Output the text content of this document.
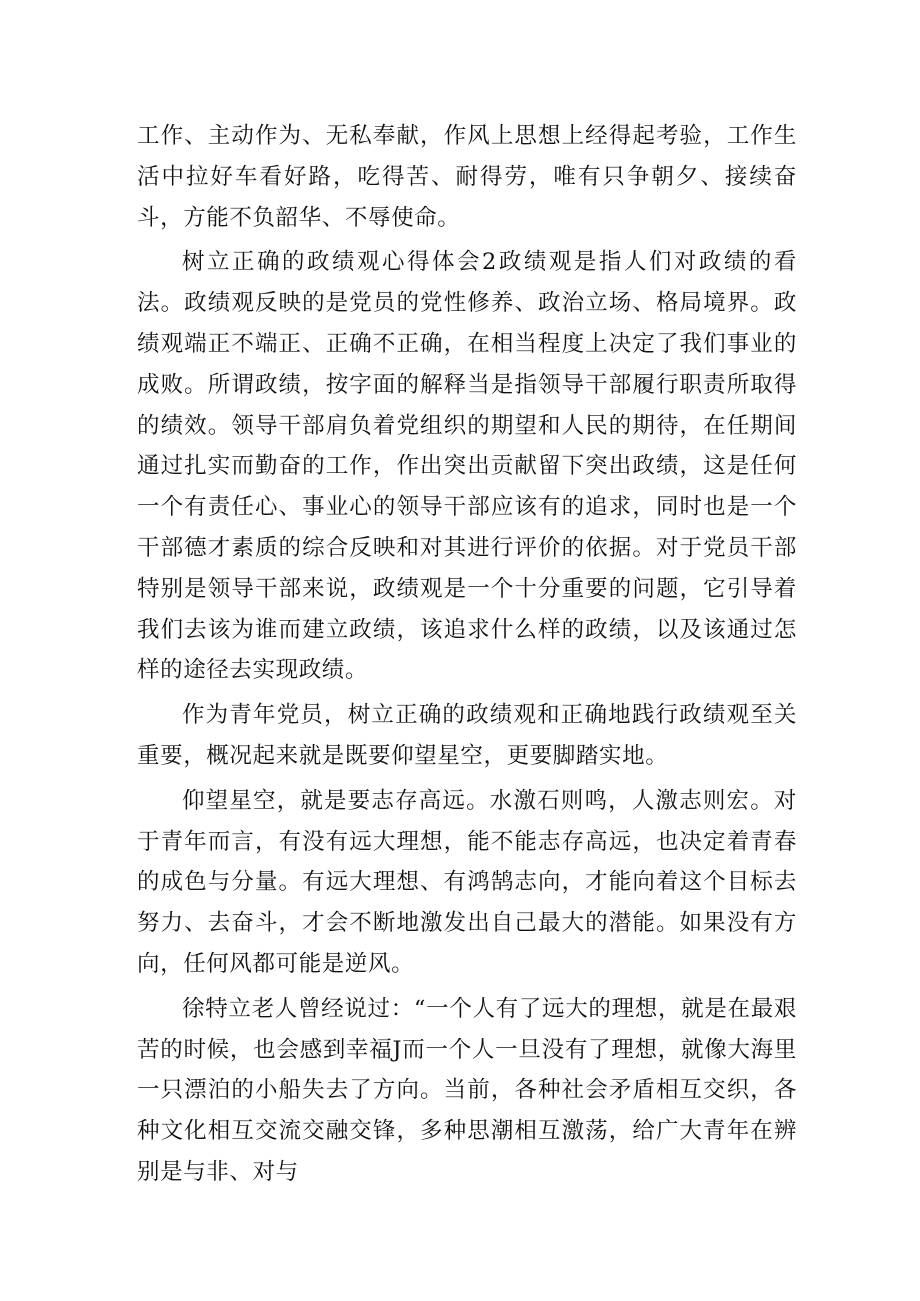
工作、主动作为、无私奉献，作风上思想上经得起考验，工作生活中拉好车看好路，吃得苦、耐得劳，唯有只争朝夕、接续奋斗，方能不负韶华、不辱使命。

树立正确的政绩观心得体会2政绩观是指人们对政绩的看法。政绩观反映的是党员的党性修养、政治立场、格局境界。政绩观端正不端正、正确不正确，在相当程度上决定了我们事业的成败。所谓政绩，按字面的解释当是指领导干部履行职责所取得的绩效。领导干部肩负着党组织的期望和人民的期待，在任期间通过扎实而勤奋的工作，作出突出贡献留下突出政绩，这是任何一个有责任心、事业心的领导干部应该有的追求，同时也是一个干部德才素质的综合反映和对其进行评价的依据。对于党员干部特别是领导干部来说，政绩观是一个十分重要的问题，它引导着我们去该为谁而建立政绩，该追求什么样的政绩，以及该通过怎样的途径去实现政绩。

作为青年党员，树立正确的政绩观和正确地践行政绩观至关重要，概况起来就是既要仰望星空，更要脚踏实地。

仰望星空，就是要志存高远。水激石则鸣，人激志则宏。对于青年而言，有没有远大理想，能不能志存高远，也决定着青春的成色与分量。有远大理想、有鸿鹄志向，才能向着这个目标去努力、去奋斗，才会不断地激发出自己最大的潜能。如果没有方向，任何风都可能是逆风。

徐特立老人曾经说过：“一个人有了远大的理想，就是在最艰苦的时候，也会感到幸福J而一个人一旦没有了理想，就像大海里一只漂泊的小船失去了方向。当前，各种社会矛盾相互交织，各种文化相互交流交融交锋，多种思潮相互激荡，给广大青年在辨别是与非、对与
